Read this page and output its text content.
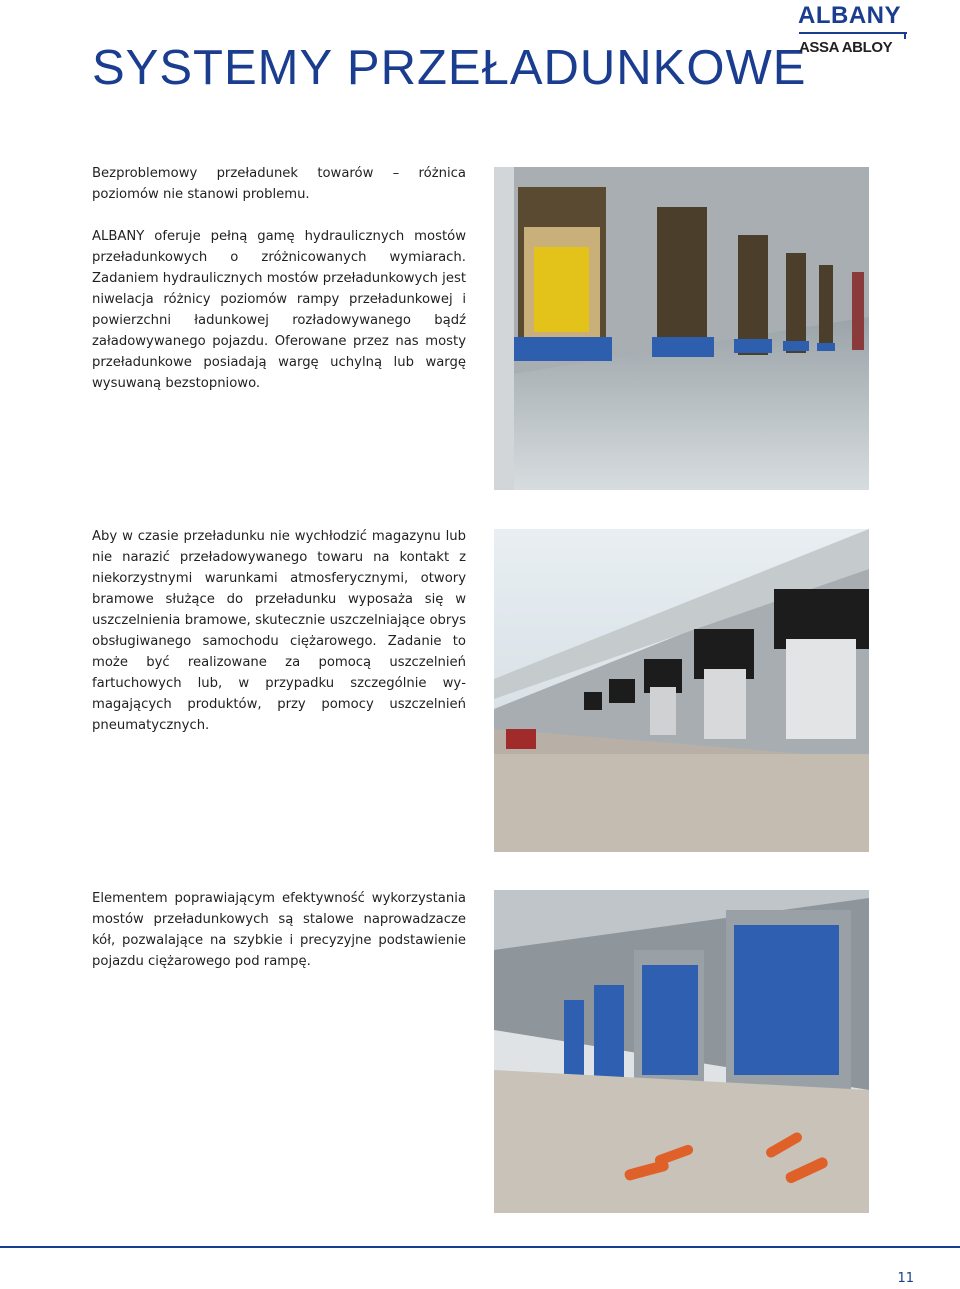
SYSTEMY PRZEŁADUNKOWE
ALBANY
ASSA ABLOY

Bezproblemowy przeładunek towarów – różnica poziomów nie stanowi problemu.

ALBANY oferuje pełną gamę hydraulicznych mostów przeładunkowych o zróżnicowanych wymiarach. Zadaniem hydraulicznych mostów przeładunkowych jest niwelacja różnicy poziomów rampy przeładunkowej i powierzchni ładunkowej rozładowywanego bądź załadowywanego pojazdu. Oferowane przez nas mosty przeładunkowe posiadają wargę uchylną lub wargę wysuwaną bezstopniowo.

Aby w czasie przeładunku nie wychłodzić magazynu lub nie narazić przeładowywanego towaru na kontakt z niekorzystnymi warunkami atmosferycznymi, otwory bramowe służące do przeładunku wyposaża się w uszczelnienia bramowe, skutecznie uszczelniające obrys obsługiwanego samochodu ciężarowego. Zadanie to może być realizowane za pomocą uszczelnień fartuchowych lub, w przypadku szczególnie wymagających produktów, przy pomocy uszczelnień pneumatycznych.

Elementem poprawiającym efektywność wykorzystania mostów przeładunkowych są stalowe naprowadzacze kół, pozwalające na szybkie i precyzyjne podstawienie pojazdu ciężarowego pod rampę.

11
